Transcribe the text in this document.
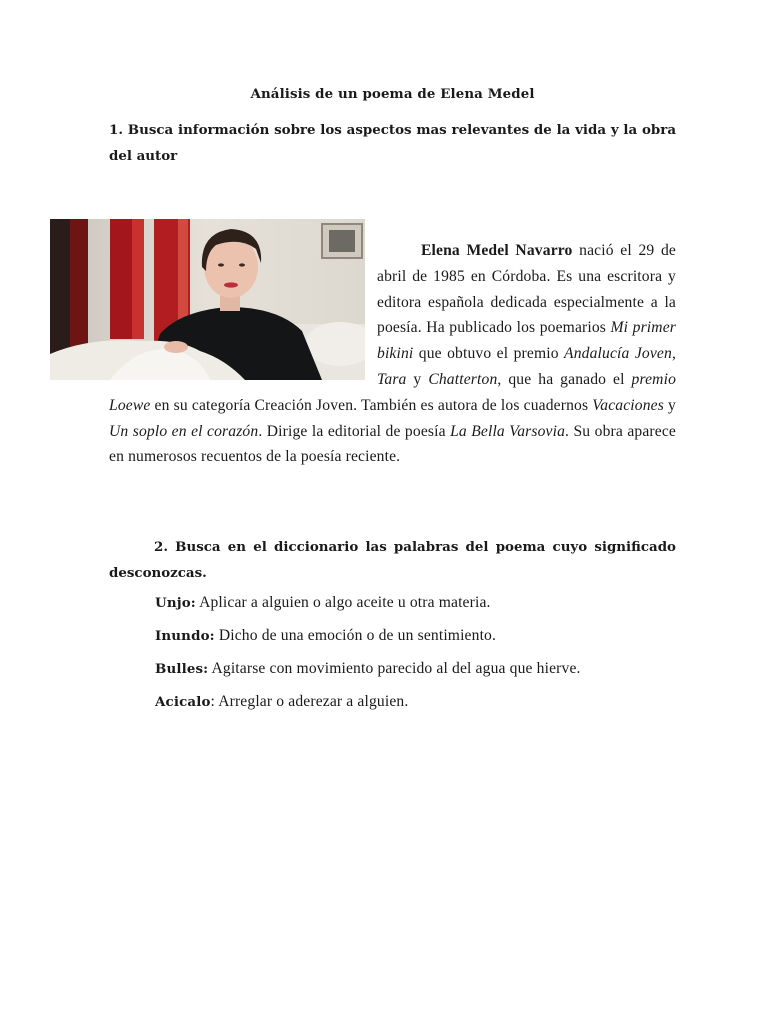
Análisis de un poema de Elena Medel
1. Busca información sobre los aspectos mas relevantes de la vida y la obra del autor
Elena Medel Navarro nació el 29 de abril de 1985 en Córdoba. Es una escritora y editora española dedicada especialmente a la poesía. Ha publicado los poemarios Mi primer bikini que obtuvo el premio Andalucía Joven, Tara y Chatterton, que ha ganado el premio Loewe en su categoría Creación Joven. También es autora de los cuadernos Vacaciones y Un soplo en el corazón. Dirige la editorial de poesía La Bella Varsovia. Su obra aparece en numerosos recuentos de la poesía reciente.
2. Busca en el diccionario las palabras del poema cuyo significado desconozcas.
Unjo: Aplicar a alguien o algo aceite u otra materia.
Inundo: Dicho de una emoción o de un sentimiento.
Bulles: Agitarse con movimiento parecido al del agua que hierve.
Acicalo: Arreglar o aderezar a alguien.
